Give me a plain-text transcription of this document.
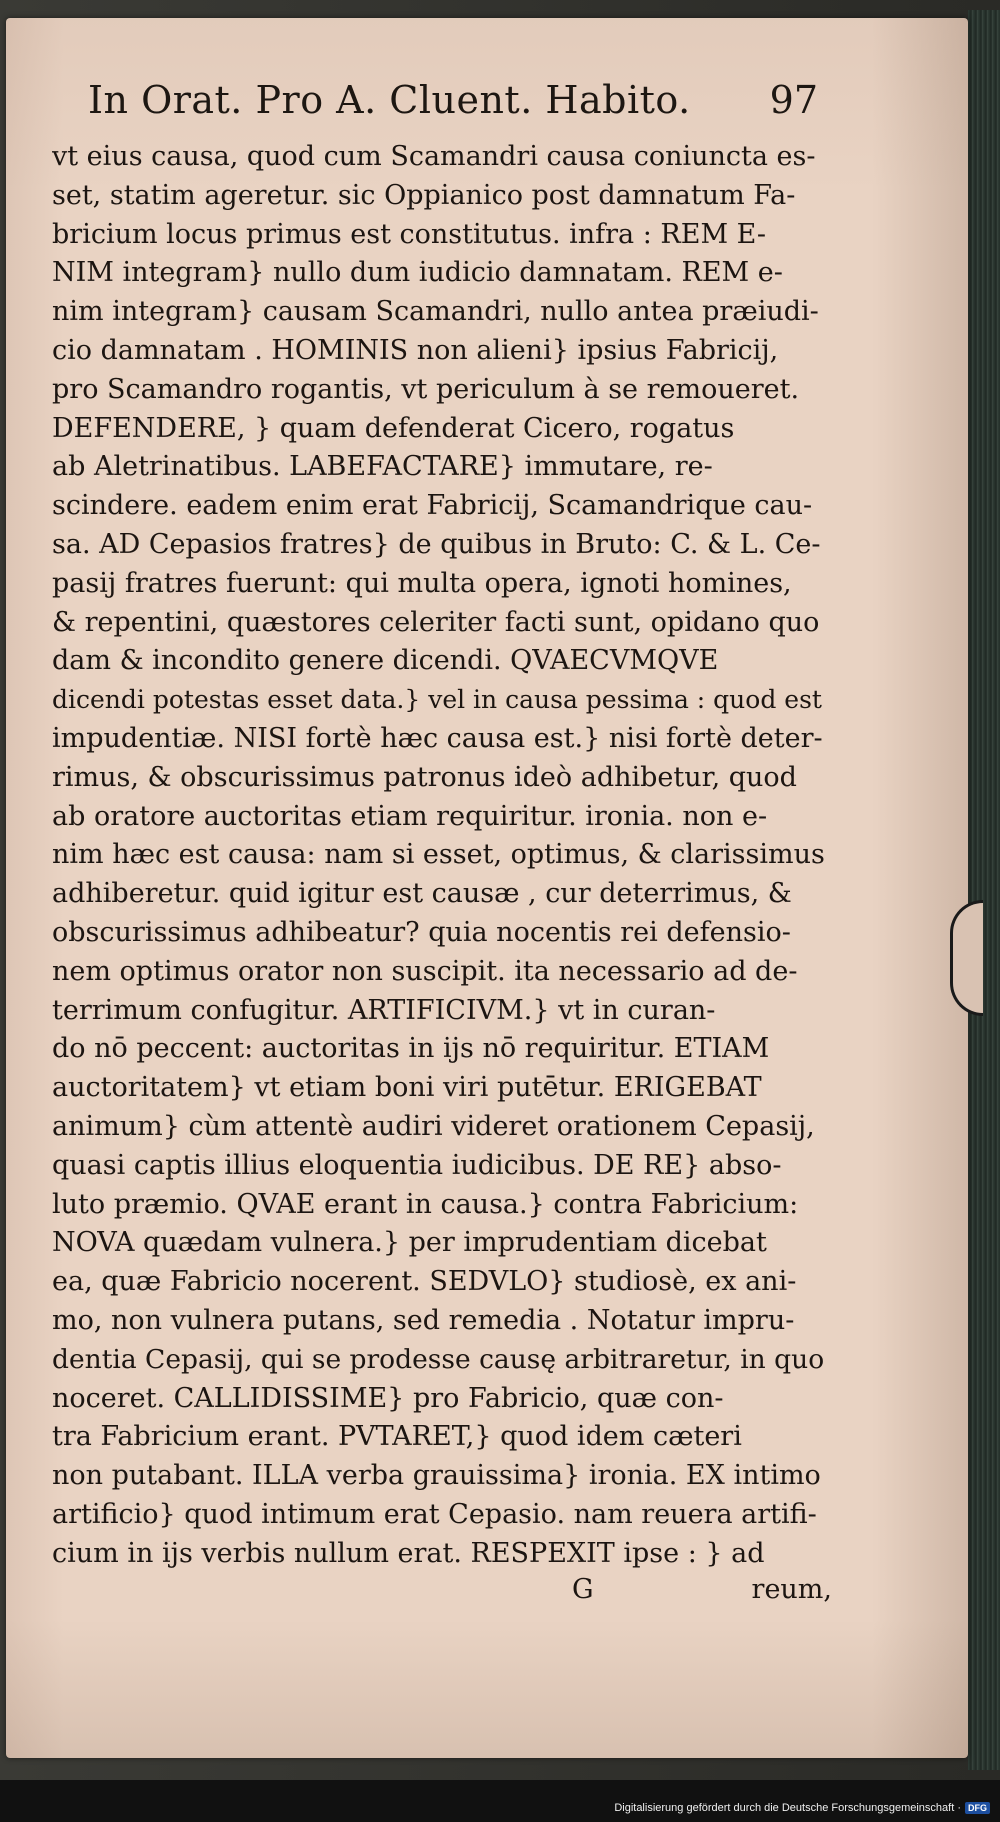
In Orat. Pro A. Cluent. Habito. 97
vt eius causa, quod cum Scamandri causa coniuncta es-
set, statim ageretur. sic Oppianico post damnatum Fa-
bricium locus primus est constitutus. infra : REM E-
NIM integram} nullo dum iudicio damnatam. REM e-
nim integram} causam Scamandri, nullo antea præiudi-
cio damnatam . HOMINIS non alieni} ipsius Fabricij,
pro Scamandro rogantis, vt periculum à se remoueret.
DEFENDERE, } quam defenderat Cicero, rogatus
ab Aletrinatibus. LABEFACTARE} immutare, re-
scindere. eadem enim erat Fabricij, Scamandrique cau-
sa. AD Cepasios fratres} de quibus in Bruto: C. & L. Ce-
pasij fratres fuerunt: qui multa opera, ignoti homines,
& repentini, quæstores celeriter facti sunt, opidano quo
dam & incondito genere dicendi. QVAECVMQVE
dicendi potestas esset data.} vel in causa pessima : quod est
impudentiæ. NISI fortè hæc causa est.} nisi fortè deter-
rimus, & obscurissimus patronus ideò adhibetur, quod
ab oratore auctoritas etiam requiritur. ironia. non e-
nim hæc est causa: nam si esset, optimus, & clarissimus
adhiberetur. quid igitur est causæ , cur deterrimus, &
obscurissimus adhibeatur? quia nocentis rei defensio-
nem optimus orator non suscipit. ita necessario ad de-
terrimum confugitur. ARTIFICIVM.} vt in curan-
do nō peccent: auctoritas in ijs nō requiritur. ETIAM
auctoritatem} vt etiam boni viri putētur. ERIGEBAT
animum} cùm attentè audiri videret orationem Cepasij,
quasi captis illius eloquentia iudicibus. DE RE} abso-
luto præmio. QVAE erant in causa.} contra Fabricium:
NOVA quædam vulnera.} per imprudentiam dicebat
ea, quæ Fabricio nocerent. SEDVLO} studiosè, ex ani-
mo, non vulnera putans, sed remedia . Notatur impru-
dentia Cepasij, qui se prodesse causę arbitraretur, in quo
noceret. CALLIDISSIME} pro Fabricio, quæ con-
tra Fabricium erant. PVTARET,} quod idem cæteri
non putabant. ILLA verba grauissima} ironia. EX intimo
artificio} quod intimum erat Cepasio. nam reuera artifi-
cium in ijs verbis nullum erat. RESPEXIT ipse : } ad
G	reum,
Digitalisierung gefördert durch die Deutsche Forschungsgemeinschaft · DFG
